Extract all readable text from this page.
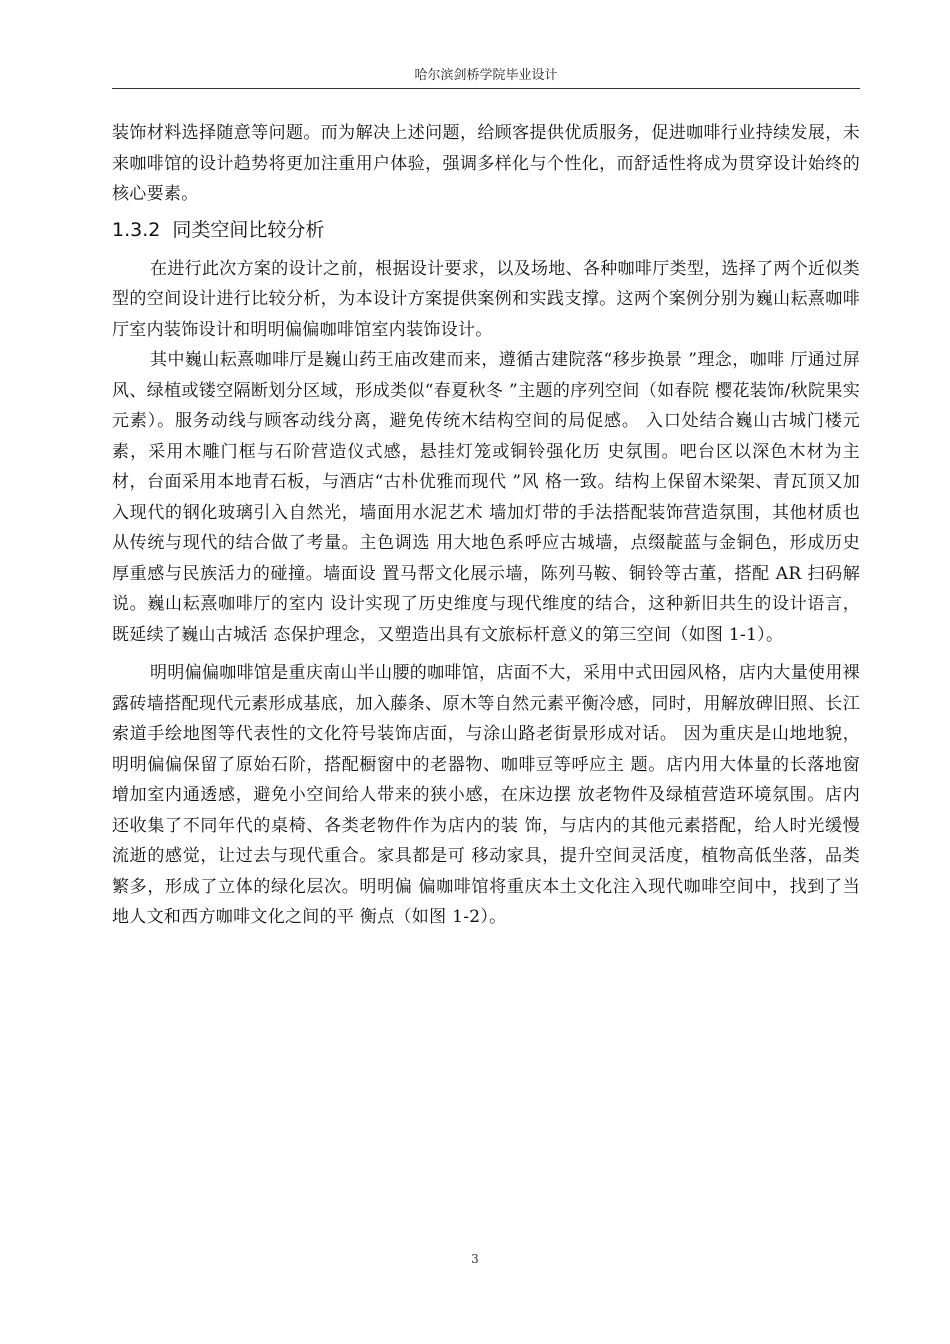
哈尔滨剑桥学院毕业设计

装饰材料选择随意等问题。而为解决上述问题，给顾客提供优质服务，促进咖啡行业持续发展，未来咖啡馆的设计趋势将更加注重用户体验，强调多样化与个性化，而舒适性将成为贯穿设计始终的核心要素。

1.3.2 同类空间比较分析

在进行此次方案的设计之前，根据设计要求，以及场地、各种咖啡厅类型，选择了两个近似类型的空间设计进行比较分析，为本设计方案提供案例和实践支撑。这两个案例分别为巍山耘熹咖啡厅室内装饰设计和明明偏偏咖啡馆室内装饰设计。

其中巍山耘熹咖啡厅是巍山药王庙改建而来，遵循古建院落“移步换景 ”理念，咖啡 厅通过屏风、绿植或镂空隔断划分区域，形成类似“春夏秋冬 ”主题的序列空间（如春院 樱花装饰/秋院果实元素）。服务动线与顾客动线分离，避免传统木结构空间的局促感。 入口处结合巍山古城门楼元素，采用木雕门框与石阶营造仪式感，悬挂灯笼或铜铃强化历 史氛围。吧台区以深色木材为主材，台面采用本地青石板，与酒店“古朴优雅而现代 ”风 格一致。结构上保留木梁架、青瓦顶又加入现代的钢化玻璃引入自然光，墙面用水泥艺术 墙加灯带的手法搭配装饰营造氛围，其他材质也从传统与现代的结合做了考量。主色调选 用大地色系呼应古城墙，点缀靛蓝与金铜色，形成历史厚重感与民族活力的碰撞。墙面设 置马帮文化展示墙，陈列马鞍、铜铃等古董，搭配 AR 扫码解说。巍山耘熹咖啡厅的室内 设计实现了历史维度与现代维度的结合，这种新旧共生的设计语言，既延续了巍山古城活 态保护理念，又塑造出具有文旅标杆意义的第三空间（如图 1-1）。

明明偏偏咖啡馆是重庆南山半山腰的咖啡馆，店面不大，采用中式田园风格，店内大量使用裸露砖墙搭配现代元素形成基底，加入藤条、原木等自然元素平衡冷感，同时，用解放碑旧照、长江索道手绘地图等代表性的文化符号装饰店面，与涂山路老街景形成对话。 因为重庆是山地地貌，明明偏偏保留了原始石阶，搭配橱窗中的老器物、咖啡豆等呼应主 题。店内用大体量的长落地窗增加室内通透感，避免小空间给人带来的狭小感，在床边摆 放老物件及绿植营造环境氛围。店内还收集了不同年代的桌椅、各类老物件作为店内的装 饰，与店内的其他元素搭配，给人时光缓慢流逝的感觉，让过去与现代重合。家具都是可 移动家具，提升空间灵活度，植物高低坐落，品类繁多，形成了立体的绿化层次。明明偏 偏咖啡馆将重庆本土文化注入现代咖啡空间中，找到了当地人文和西方咖啡文化之间的平 衡点（如图 1-2）。

3
